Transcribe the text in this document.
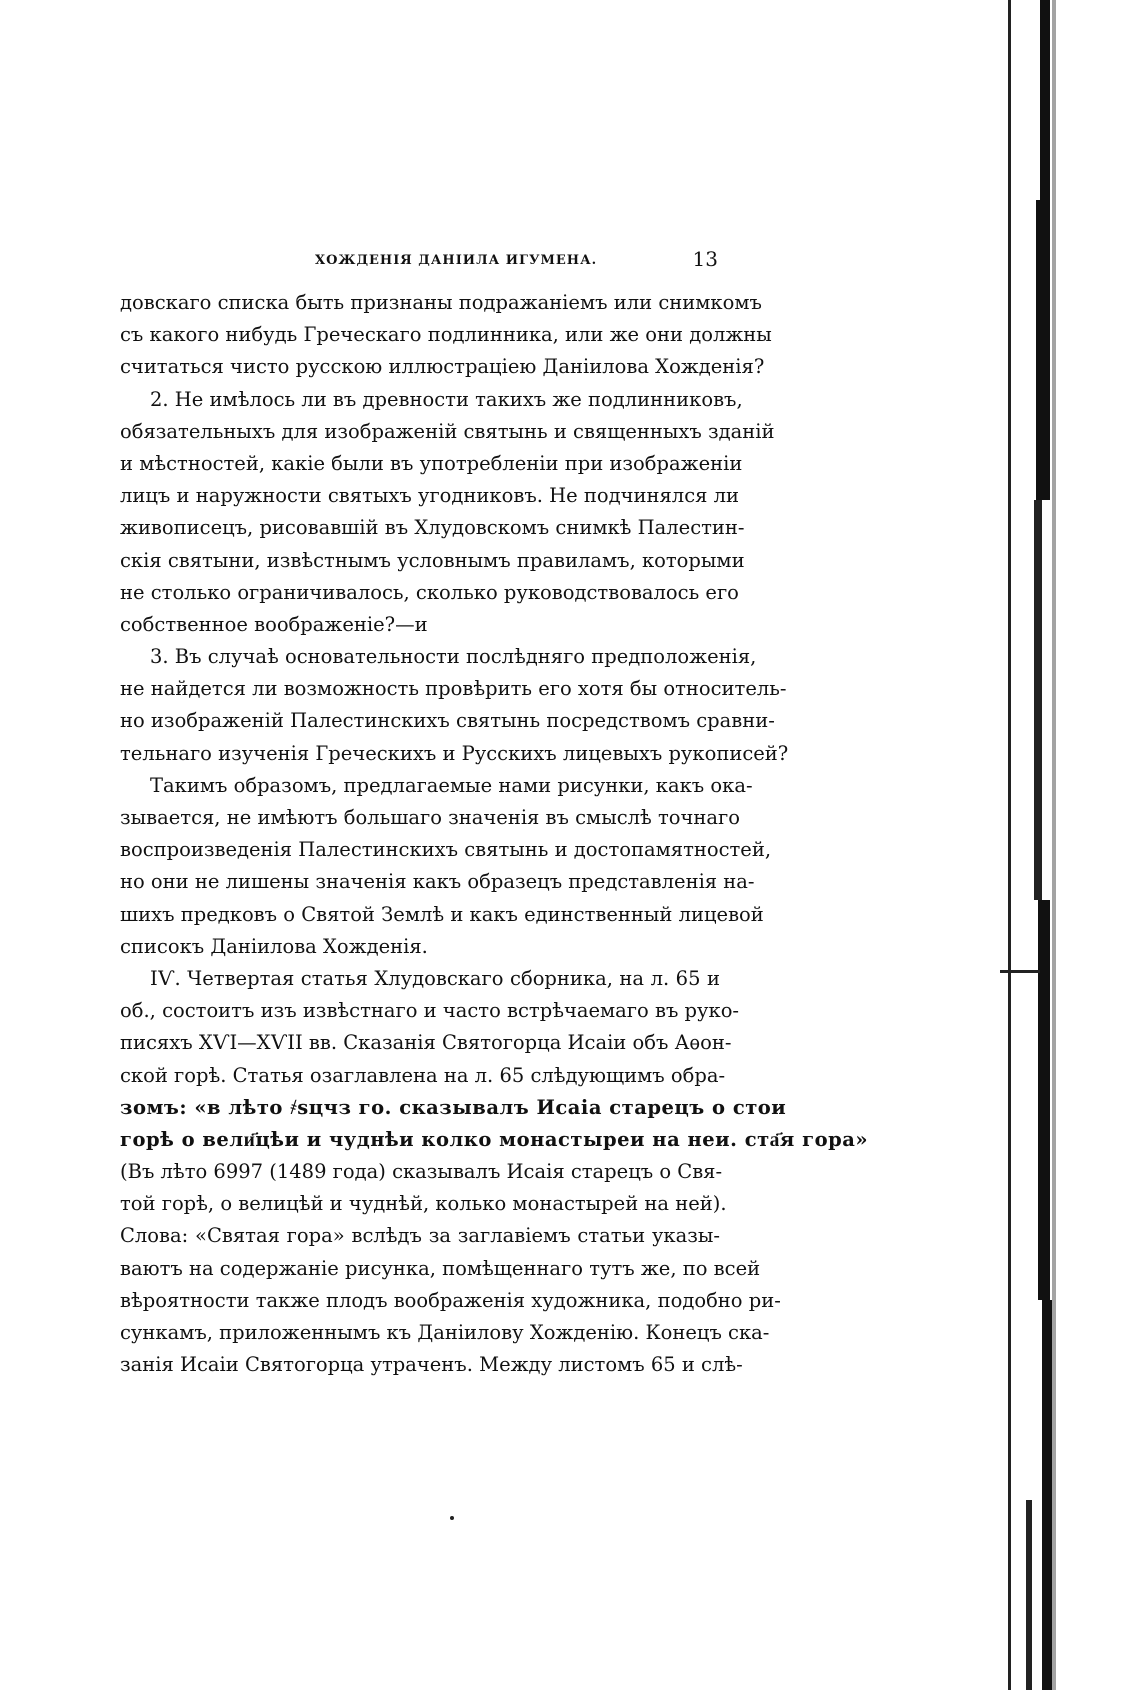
ХОЖДЕНІЯ ДАНІИЛА ИГУМЕНА.	13
довскаго списка быть признаны подражаніемъ или снимкомъ
съ какого нибудь Греческаго подлинника, или же они должны
считаться чисто русскою иллюстраціею Даніилова Хожденія?
2. Не имѣлось ли въ древности такихъ же подлинниковъ,
обязательныхъ для изображеній святынь и священныхъ зданій
и мѣстностей, какіе были въ употребленіи при изображеніи
лицъ и наружности святыхъ угодниковъ. Не подчинялся ли
живописецъ, рисовавшій въ Хлудовскомъ снимкѣ Палестин-
скія святыни, извѣстнымъ условнымъ правиламъ, которыми
не столько ограничивалось, сколько руководствовалось его
собственное воображеніе?—и
3. Въ случаѣ основательности послѣдняго предположенія,
не найдется ли возможность провѣрить его хотя бы относитель-
но изображеній Палестинскихъ святынь посредствомъ сравни-
тельнаго изученія Греческихъ и Русскихъ лицевыхъ рукописей?
Такимъ образомъ, предлагаемые нами рисунки, какъ ока-
зывается, не имѣютъ большаго значенія въ смыслѣ точнаго
воспроизведенія Палестинскихъ святынь и достопамятностей,
но они не лишены значенія какъ образецъ представленія на-
шихъ предковъ о Святой Землѣ и какъ единственный лицевой
списокъ Даніилова Хожденія.
IѴ. Четвертая статья Хлудовскаго сборника, на л. 65 и
об., состоитъ изъ извѣстнаго и часто встрѣчаемаго въ руко-
писяхъ XѴI—XѴII вв. Сказанія Святогорца Исаіи объ Аѳон-
ской горѣ. Статья озаглавлена на л. 65 слѣдующимъ обра-
зомъ: «в лѣто ҂sцчз го. сказывалъ Исаіа старецъ о стои
горѣ о вели҃цѣи и чуднѣи колко монастыреи на неи. ста҃я гора»
(Въ лѣто 6997 (1489 года) сказывалъ Исаія старецъ о Свя-
той горѣ, о велицѣй и чуднѣй, колько монастырей на ней).
Слова: «Святая гора» вслѣдъ за заглавіемъ статьи указы-
ваютъ на содержаніе рисунка, помѣщеннаго тутъ же, по всей
вѣроятности также плодъ воображенія художника, подобно ри-
сункамъ, приложеннымъ къ Даніилову Хожденію. Конецъ ска-
занія Исаіи Святогорца утраченъ. Между листомъ 65 и слѣ-
